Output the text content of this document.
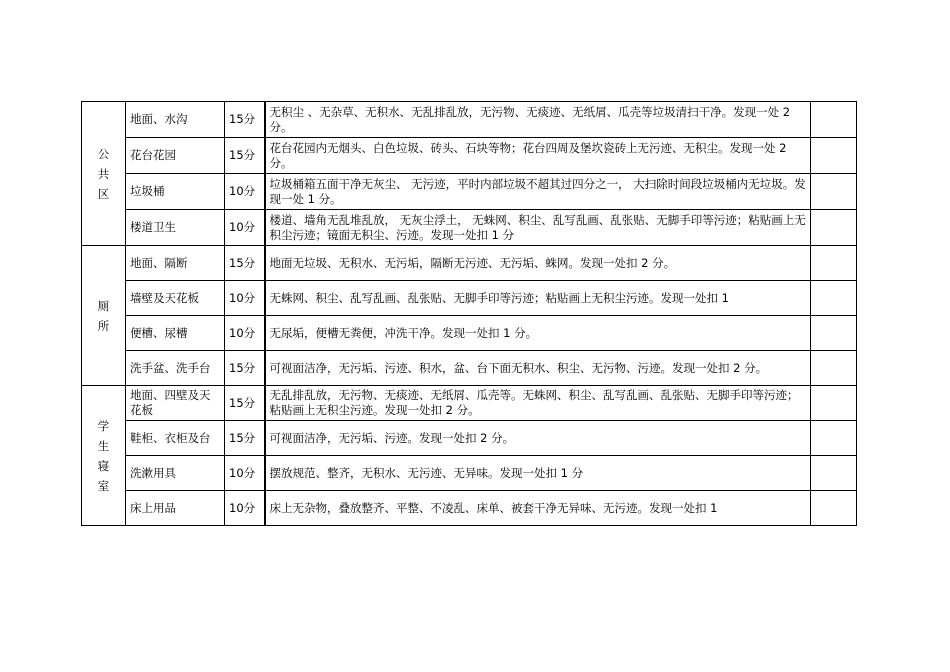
公共区	地面、水沟	15分	无积尘 、无杂草、无积水、无乱排乱放，无污物、无痰迹、无纸屑、瓜壳等垃圾清扫干净。发现一处 2 分。	
	花台花园	15分	花台花园内无烟头、白色垃圾、砖头、石块等物；花台四周及堡坎瓷砖上无污迹、无积尘。发现一处 2 分。	
	垃圾桶	10分	垃圾桶箱五面干净无灰尘、 无污迹，平时内部垃圾不超其过四分之一， 大扫除时间段垃圾桶内无垃圾。发现一处 1 分。	
	楼道卫生	10分	楼道、墙角无乱堆乱放， 无灰尘浮土， 无蛛网、积尘、乱写乱画、乱张贴、无脚手印等污迹；粘贴画上无积尘污迹；镜面无积尘、污迹。发现一处扣 1 分	
厕所	地面、隔断	15分	地面无垃圾、无积水、无污垢，隔断无污迹、无污垢、蛛网。发现一处扣 2 分。	
	墙壁及天花板	10分	无蛛网、积尘、乱写乱画、乱张贴、无脚手印等污迹；粘贴画上无积尘污迹。发现一处扣 1	
	便槽、尿槽	10分	无尿垢，便槽无粪便，冲洗干净。发现一处扣 1 分。	
	洗手盆、洗手台	15分	可视面洁净，无污垢、污迹、积水，盆、台下面无积水、积尘、无污物、污迹。发现一处扣 2 分。	
学生寝室	地面、四壁及天花板	15分	无乱排乱放，无污物、无痰迹、无纸屑、瓜壳等。无蛛网、积尘、乱写乱画、乱张贴、无脚手印等污迹；粘贴画上无积尘污迹。发现一处扣 2 分。	
	鞋柜、衣柜及台	15分	可视面洁净，无污垢、污迹。发现一处扣 2 分。	
	洗漱用具	10分	摆放规范、整齐，无积水、无污迹、无异味。发现一处扣 1 分	
	床上用品	10分	床上无杂物，叠放整齐、平整、不凌乱、床单、被套干净无异味、无污迹。发现一处扣 1	
